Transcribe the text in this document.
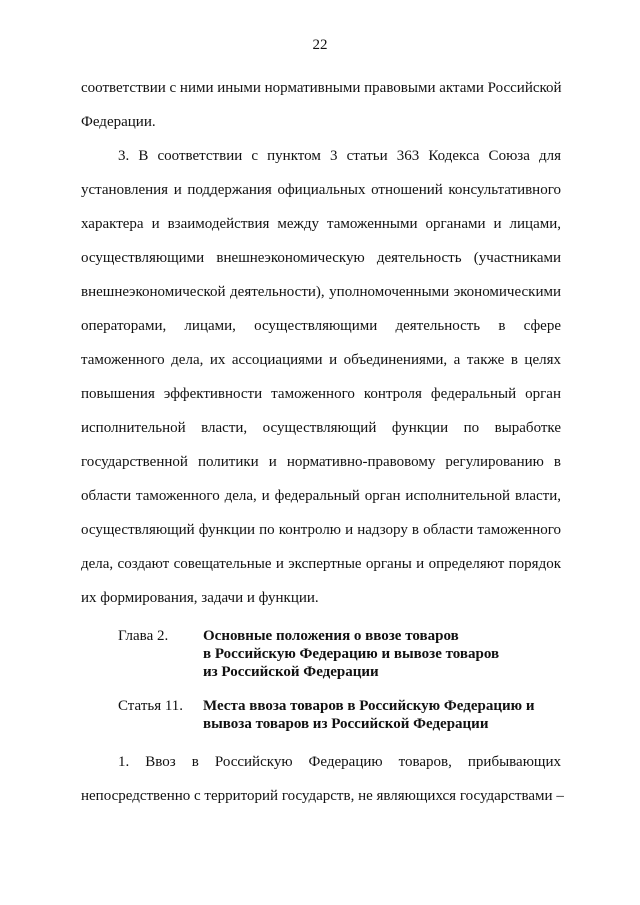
22
соответствии с ними иными нормативными правовыми актами Российской
Федерации.
3. В соответствии с пунктом 3 статьи 363 Кодекса Союза для
установления и поддержания официальных отношений консультативного
характера и взаимодействия между таможенными органами и лицами,
осуществляющими внешнеэкономическую деятельность (участниками
внешнеэкономической деятельности), уполномоченными экономическими
операторами, лицами, осуществляющими деятельность в сфере
таможенного дела, их ассоциациями и объединениями, а также в целях
повышения эффективности таможенного контроля федеральный орган
исполнительной власти, осуществляющий функции по выработке
государственной политики и нормативно-правовому регулированию в
области таможенного дела, и федеральный орган исполнительной власти,
осуществляющий функции по контролю и надзору в области таможенного
дела, создают совещательные и экспертные органы и определяют порядок
их формирования, задачи и функции.
Глава 2. Основные положения о ввозе товаров
в Российскую Федерацию и вывозе товаров
из Российской Федерации
Статья 11. Места ввоза товаров в Российскую Федерацию и
вывоза товаров из Российской Федерации
1. Ввоз в Российскую Федерацию товаров, прибывающих
непосредственно с территорий государств, не являющихся государствами –
